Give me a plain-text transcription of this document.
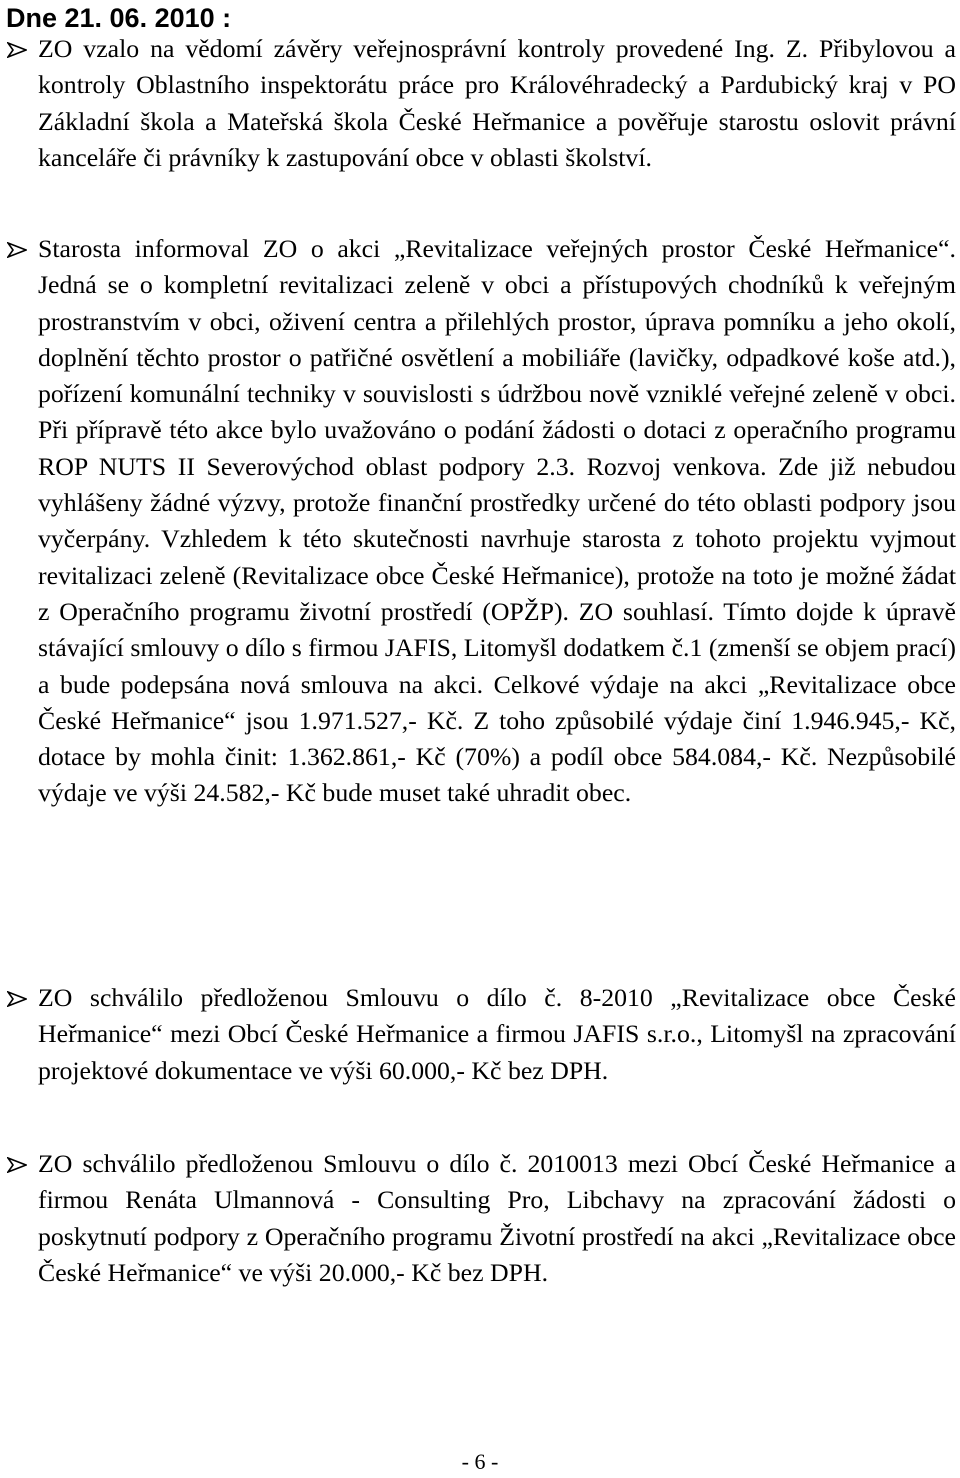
Dne 21. 06. 2010 :

ZO vzalo na vědomí závěry veřejnosprávní kontroly provedené Ing. Z. Přibylovou a kontroly Oblastního inspektorátu práce pro Královéhradecký a Pardubický kraj v PO Základní škola a Mateřská škola České Heřmanice a pověřuje starostu oslovit právní kanceláře či právníky k zastupování obce v oblasti školství.

Starosta informoval ZO o akci „Revitalizace veřejných prostor České Heřmanice“. Jedná se o kompletní revitalizaci zeleně v obci a přístupových chodníků k veřejným prostranstvím v obci, oživení centra a přilehlých prostor, úprava pomníku a jeho okolí, doplnění těchto prostor o patřičné osvětlení a mobiliáře (lavičky, odpadkové koše atd.), pořízení komunální techniky v souvislosti s údržbou nově vzniklé veřejné zeleně v obci. Při přípravě této akce bylo uvažováno o podání žádosti o dotaci z operačního programu ROP NUTS II Severovýchod oblast podpory 2.3. Rozvoj venkova. Zde již nebudou vyhlášeny žádné výzvy, protože finanční prostředky určené do této oblasti podpory jsou vyčerpány. Vzhledem k této skutečnosti navrhuje starosta z tohoto projektu vyjmout revitalizaci zeleně (Revitalizace obce České Heřmanice), protože na toto je možné žádat z Operačního programu životní prostředí (OPŽP). ZO souhlasí. Tímto dojde k úpravě stávající smlouvy o dílo s firmou JAFIS, Litomyšl dodatkem č.1 (zmenší se objem prací) a bude podepsána nová smlouva na akci. Celkové výdaje na akci „Revitalizace obce České Heřmanice“ jsou 1.971.527,- Kč. Z toho způsobilé výdaje činí 1.946.945,- Kč, dotace by mohla činit: 1.362.861,- Kč (70%) a podíl obce 584.084,- Kč. Nezpůsobilé výdaje ve výši 24.582,- Kč bude muset také uhradit obec.

ZO schválilo předloženou Smlouvu o dílo č. 8-2010 „Revitalizace obce České Heřmanice“ mezi Obcí České Heřmanice a firmou JAFIS s.r.o., Litomyšl na zpracování projektové dokumentace ve výši 60.000,- Kč bez DPH.

ZO schválilo předloženou Smlouvu o dílo č. 2010013 mezi Obcí České Heřmanice a firmou Renáta Ulmannová - Consulting Pro, Libchavy na zpracování žádosti o poskytnutí podpory z Operačního programu Životní prostředí na akci „Revitalizace obce České Heřmanice“ ve výši 20.000,- Kč bez DPH.

- 6 -
